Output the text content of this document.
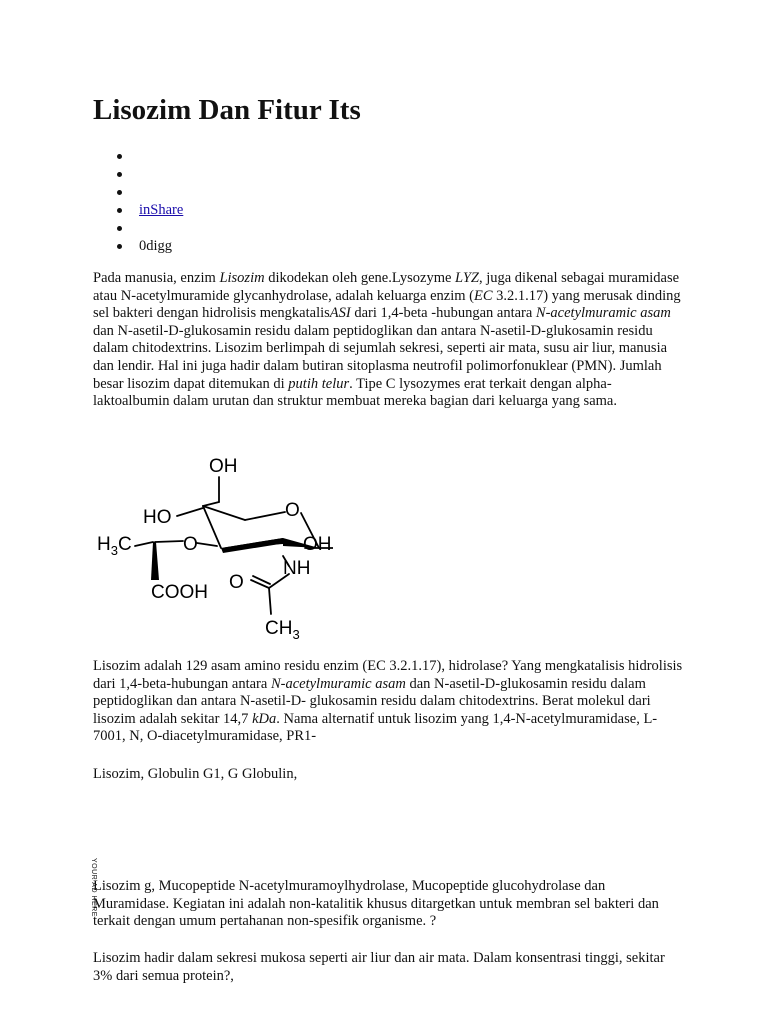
Lisozim Dan Fitur Its
inShare
0digg

Pada manusia, enzim Lisozim dikodekan oleh gene.Lysozyme LYZ, juga dikenal sebagai muramidase atau N-acetylmuramide glycanhydrolase, adalah keluarga enzim (EC 3.2.1.17) yang merusak dinding sel bakteri dengan hidrolisis mengkatalisASI dari 1,4-beta -hubungan antara N-acetylmuramic asam dan N-asetil-D-glukosamin residu dalam peptidoglikan dan antara N-asetil-D-glukosamin residu dalam chitodextrins. Lisozim berlimpah di sejumlah sekresi, seperti air mata, susu air liur, manusia dan lendir. Hal ini juga hadir dalam butiran sitoplasma neutrofil polimorfonuklear (PMN). Jumlah besar lisozim dapat ditemukan di putih telur. Tipe C lysozymes erat terkait dengan alpha-laktoalbumin dalam urutan dan struktur membuat mereka bagian dari keluarga yang sama.

OH
HO	O
$H_3C$	O	OH
NH
COOH O
$CH_3$

Lisozim adalah 129 asam amino residu enzim (EC 3.2.1.17), hidrolase? Yang mengkatalisis hidrolisis dari 1,4-beta-hubungan antara N-acetylmuramic asam dan N-asetil-D-glukosamin residu dalam peptidoglikan dan antara N-asetil-D- glukosamin residu dalam chitodextrins. Berat molekul dari lisozim adalah sekitar 14,7 kDa. Nama alternatif untuk lisozim yang 1,4-N-acetylmuramidase, L-7001, N, O-diacetylmuramidase, PR1-

Lisozim, Globulin G1, G Globulin,

YOUR AD HERE

Lisozim g, Mucopeptide N-acetylmuramoylhydrolase, Mucopeptide glucohydrolase dan Muramidase. Kegiatan ini adalah non-katalitik khusus ditargetkan untuk membran sel bakteri dan terkait dengan umum pertahanan non-spesifik organisme. ?

Lisozim hadir dalam sekresi mukosa seperti air liur dan air mata. Dalam konsentrasi tinggi, sekitar 3% dari semua protein?,
